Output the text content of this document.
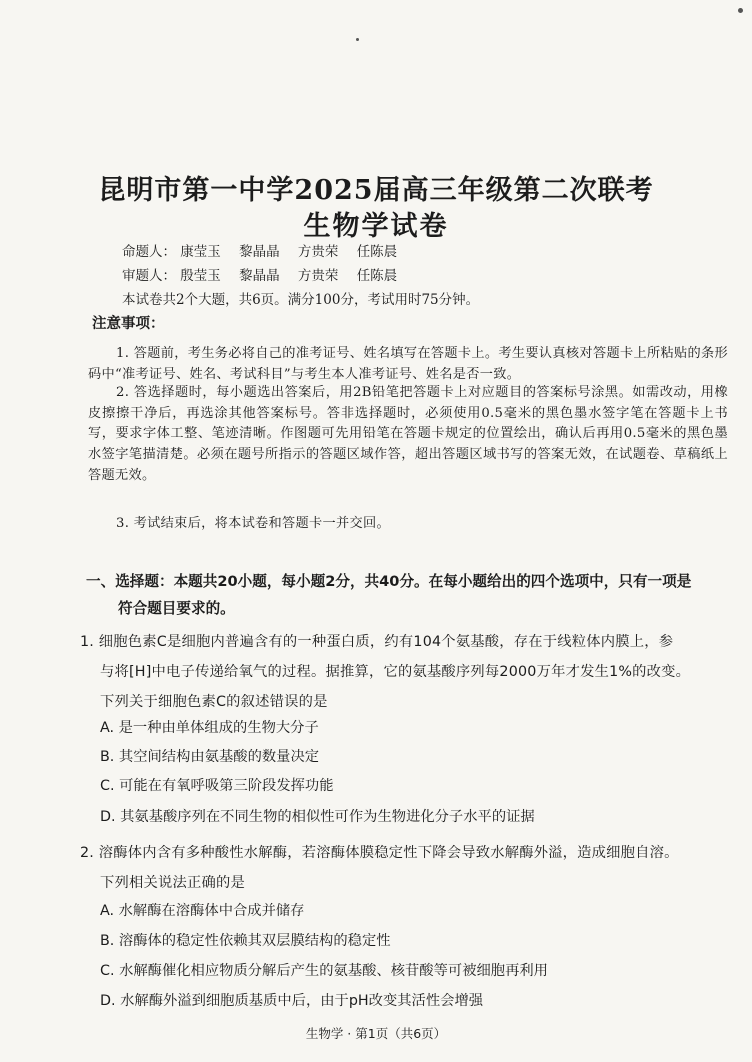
昆明市第一中学2025届高三年级第二次联考
生物学试卷
命题人： 康莹玉 黎晶晶 方贵荣 任陈晨
审题人： 殷莹玉 黎晶晶 方贵荣 任陈晨
本试卷共2个大题，共6页。满分100分，考试用时75分钟。
注意事项：
1. 答题前，考生务必将自己的准考证号、姓名填写在答题卡上。考生要认真核对答题卡上所粘贴的条形码中“准考证号、姓名、考试科目”与考生本人准考证号、姓名是否一致。
2. 答选择题时，每小题选出答案后，用2B铅笔把答题卡上对应题目的答案标号涂黑。如需改动，用橡皮擦擦干净后，再选涂其他答案标号。答非选择题时，必须使用0.5毫米的黑色墨水签字笔在答题卡上书写，要求字体工整、笔迹清晰。作图题可先用铅笔在答题卡规定的位置绘出，确认后再用0.5毫米的黑色墨水签字笔描清楚。必须在题号所指示的答题区域作答，超出答题区域书写的答案无效，在试题卷、草稿纸上答题无效。
3. 考试结束后，将本试卷和答题卡一并交回。
一、选择题：本题共20小题，每小题2分，共40分。在每小题给出的四个选项中，只有一项是
符合题目要求的。
1. 细胞色素C是细胞内普遍含有的一种蛋白质，约有104个氨基酸，存在于线粒体内膜上，参
与将[H]中电子传递给氧气的过程。据推算，它的氨基酸序列每2000万年才发生1%的改变。
下列关于细胞色素C的叙述错误的是
A. 是一种由单体组成的生物大分子
B. 其空间结构由氨基酸的数量决定
C. 可能在有氧呼吸第三阶段发挥功能
D. 其氨基酸序列在不同生物的相似性可作为生物进化分子水平的证据
2. 溶酶体内含有多种酸性水解酶，若溶酶体膜稳定性下降会导致水解酶外溢，造成细胞自溶。
下列相关说法正确的是
A. 水解酶在溶酶体中合成并储存
B. 溶酶体的稳定性依赖其双层膜结构的稳定性
C. 水解酶催化相应物质分解后产生的氨基酸、核苷酸等可被细胞再利用
D. 水解酶外溢到细胞质基质中后，由于pH改变其活性会增强
生物学 · 第1页（共6页）
